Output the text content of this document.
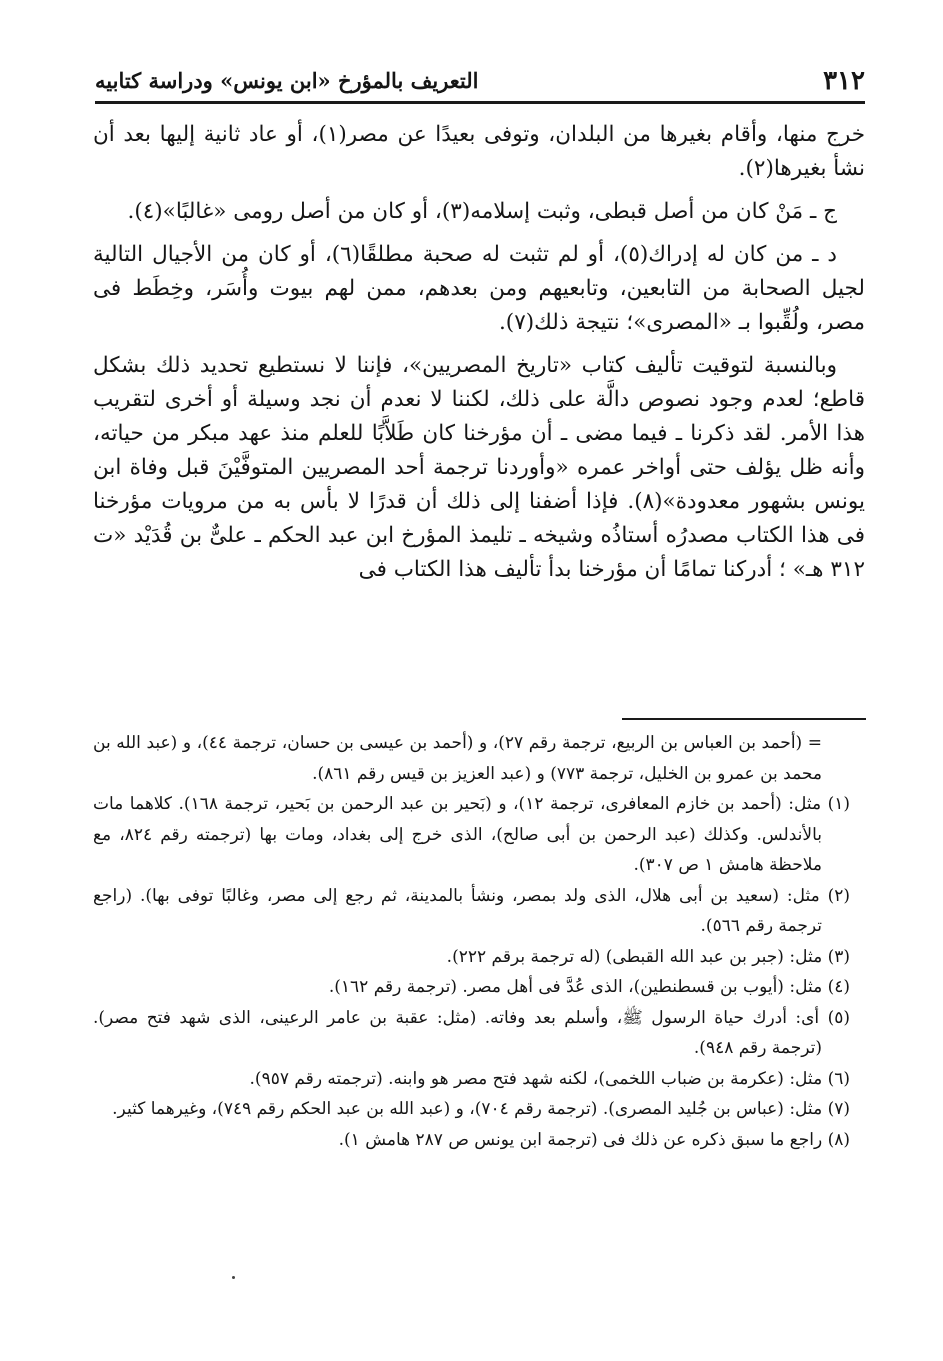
٣١٢
التعريف بالمؤرخ «ابن يونس» ودراسة كتابيه

خرج منها، وأقام بغيرها من البلدان، وتوفى بعيدًا عن مصر(١)، أو عاد ثانية إليها بعد أن نشأ بغيرها(٢).

ج ـ مَنْ كان من أصل قبطى، وثبت إسلامه(٣)، أو كان من أصل رومى «غالبًا»(٤).

د ـ من كان له إدراك(٥)، أو لم تثبت له صحبة مطلقًا(٦)، أو كان من الأجيال التالية لجيل الصحابة من التابعين، وتابعيهم ومن بعدهم، ممن لهم بيوت وأُسَر، وخِطَط فى مصر، ولُقِّبوا بـ «المصرى»؛ نتيجة ذلك(٧).

وبالنسبة لتوقيت تأليف كتاب «تاريخ المصريين»، فإننا لا نستطيع تحديد ذلك بشكل قاطع؛ لعدم وجود نصوص دالَّة على ذلك، لكننا لا نعدم أن نجد وسيلة أو أخرى لتقريب هذا الأمر. لقد ذكرنا ـ فيما مضى ـ أن مؤرخنا كان طَلاَّبًا للعلم منذ عهد مبكر من حياته، وأنه ظل يؤلف حتى أواخر عمره «وأوردنا ترجمة أحد المصريين المتوفَّيْنَ قبل وفاة ابن يونس بشهور معدودة»(٨). فإذا أضفنا إلى ذلك أن قدرًا لا بأس به من مرويات مؤرخنا فى هذا الكتاب مصدرُه أستاذُه وشيخه ـ تليمذ المؤرخ ابن عبد الحكم ـ علىٌّ بن قُدَيْد «ت ٣١٢ هـ» ؛ أدركنا تمامًا أن مؤرخنا بدأ تأليف هذا الكتاب فى

= (أحمد بن العباس بن الربيع، ترجمة رقم ٢٧)، و (أحمد بن عيسى بن حسان، ترجمة ٤٤)، و (عبد الله بن محمد بن عمرو بن الخليل، ترجمة ٧٧٣) و (عبد العزيز بن قيس رقم ٨٦١).

(١) مثل: (أحمد بن خازم المعافرى، ترجمة ١٢)، و (بَحير بن عبد الرحمن بن بَحير، ترجمة ١٦٨). كلاهما مات بالأندلس. وكذلك (عبد الرحمن بن أبى صالح)، الذى خرج إلى بغداد، ومات بها (ترجمته رقم ٨٢٤، مع ملاحظة هامش ١ ص ٣٠٧).

(٢) مثل: (سعيد بن أبى هلال، الذى ولد بمصر، ونشأ بالمدينة، ثم رجع إلى مصر، وغالبًا توفى بها). (راجع ترجمة رقم ٥٦٦).

(٣) مثل: (جبر بن عبد الله القبطى) (له ترجمة برقم ٢٢٢).

(٤) مثل: (أيوب بن قسطنطين)، الذى عُدَّ فى أهل مصر. (ترجمة رقم ١٦٢).

(٥) أى: أدرك حياة الرسول ﷺ، وأسلم بعد وفاته. (مثل: عقبة بن عامر الرعينى، الذى شهد فتح مصر). (ترجمة رقم ٩٤٨).

(٦) مثل: (عكرمة بن ضباب اللخمى)، لكنه شهد فتح مصر هو وابنه. (ترجمته رقم ٩٥٧).

(٧) مثل: (عباس بن جُليد المصرى). (ترجمة رقم ٧٠٤)، و (عبد الله بن عبد الحكم رقم ٧٤٩)، وغيرهما كثير.

(٨) راجع ما سبق ذكره عن ذلك فى (ترجمة ابن يونس ص ٢٨٧ هامش ١).
